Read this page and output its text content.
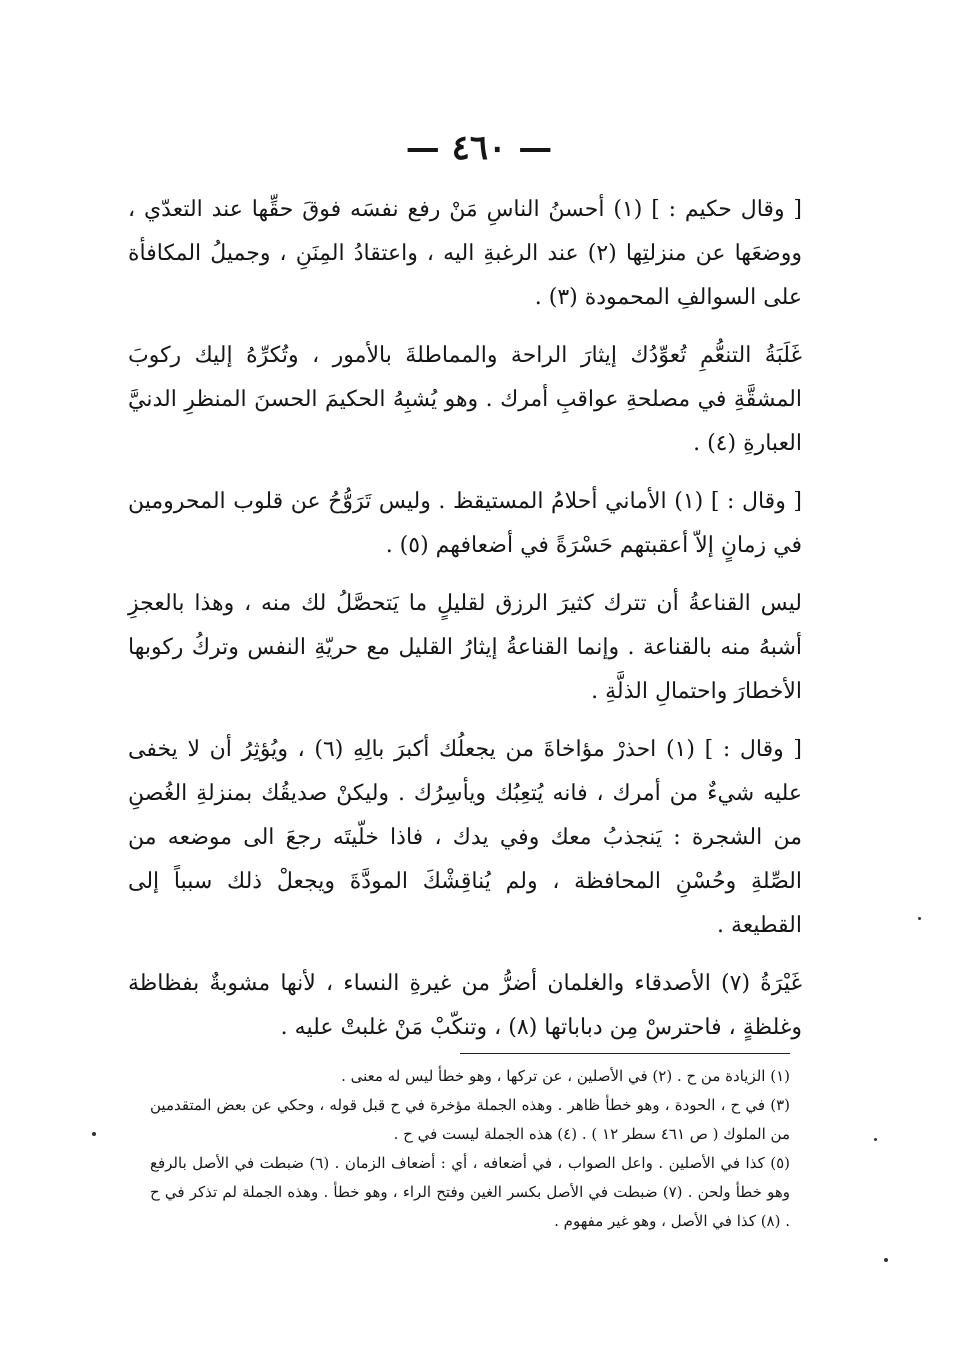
— ٤٦٠ —

[ وقال حكيم : ] (١) أحسنُ الناسِ مَنْ رفع نفسَه فوقَ حقِّها عند التعدّي ، ووضعَها عن منزلتِها (٢) عند الرغبةِ اليه ، واعتقادُ المِنَنِ ، وجميلُ المكافأة على السوالفِ المحمودة (٣) .

غَلَبَةُ التنعُّمِ تُعوِّدُك إيثارَ الراحة والمماطلةَ بالأمور ، وتُكرِّهُ إليك ركوبَ المشقَّةِ في مصلحةِ عواقبِ أمرك . وهو يُشبِهُ الحكيمَ الحسنَ المنظرِ الدنيَّ العبارةِ (٤) .

[ وقال : ] (١) الأماني أحلامُ المستيقظ . وليس تَرَوُّحُ عن قلوب المحرومين في زمانٍ إلاّ أعقبتهم حَسْرَةً في أضعافهم (٥) .

ليس القناعةُ أن تترك كثيرَ الرزق لقليلٍ ما يَتحصَّلُ لك منه ، وهذا بالعجزِ أشبهُ منه بالقناعة . وإنما القناعةُ إيثارُ القليل مع حريّةِ النفس وتركُ ركوبها الأخطارَ واحتمالِ الذلَّةِ .

[ وقال : ] (١) احذرْ مؤاخاةَ من يجعلُك أكبرَ بالِهِ (٦) ، ويُؤثِرُ أن لا يخفى عليه شيءٌ من أمرك ، فانه يُتعِبُك ويأسِرُك . وليكنْ صديقُك بمنزلةِ الغُصنِ من الشجرة : يَنجذبُ معك وفي يدك ، فاذا خلّيتَه رجعَ الى موضعه من الصِّلةِ وحُسْنِ المحافظة ، ولم يُناقِشْكَ المودَّةَ ويجعلْ ذلك سبباً إلى القطيعة .

غَيْرَةُ (٧) الأصدقاء والغلمان أضرُّ من غيرةِ النساء ، لأنها مشوبةٌ بفظاظة وغلظةٍ ، فاحترسْ مِن دباباتها (٨) ، وتنكّبْ مَنْ غلبتْ عليه .

(١) الزيادة من ح . (٢) في الأصلين ، عن تركها ، وهو خطأ ليس له معنى .

(٣) في ح ، الحودة ، وهو خطأ ظاهر . وهذه الجملة مؤخرة في ح قبل قوله ، وحكي عن بعض المتقدمين من الملوك ( ص ٤٦١ سطر ١٢ ) . (٤) هذه الجملة ليست في ح .

(٥) كذا في الأصلين . واعل الصواب ، في أضعافه ، أي : أضعاف الزمان . (٦) ضبطت في الأصل بالرفع وهو خطأ ولحن . (٧) ضبطت في الأصل بكسر الغين وفتح الراء ، وهو خطأ . وهذه الجملة لم تذكر في ح . (٨) كذا في الأصل ، وهو غير مفهوم .
